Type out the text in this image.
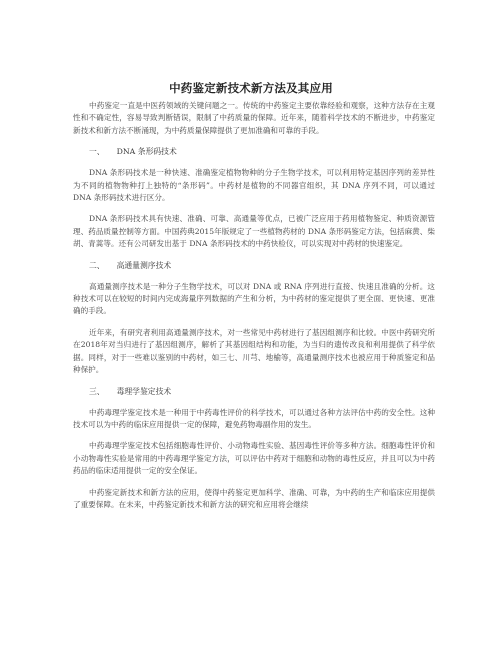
中药鉴定新技术新方法及其应用

中药鉴定一直是中医药领域的关键问题之一。传统的中药鉴定主要依靠经验和观察，这种方法存在主观性和不确定性，容易导致判断错误，限制了中药质量的保障。近年来，随着科学技术的不断进步，中药鉴定新技术和新方法不断涌现，为中药质量保障提供了更加准确和可靠的手段。

一、 DNA 条形码技术

DNA 条形码技术是一种快速、准确鉴定植物物种的分子生物学技术，可以利用特定基因序列的差异性为不同的植物物种打上独特的“条形码”。中药材是植物的不同器官组织，其 DNA 序列不同，可以通过 DNA 条形码技术进行区分。

DNA 条形码技术具有快速、准确、可靠、高通量等优点，已被广泛应用于药用植物鉴定、种质资源管理、药品质量控制等方面。中国药典2015年版规定了一些植物药材的 DNA 条形码鉴定方法，包括麻黄、柴胡、青蒿等。还有公司研发出基于 DNA 条形码技术的中药快检仪，可以实现对中药材的快速鉴定。

二、 高通量测序技术

高通量测序技术是一种分子生物学技术，可以对 DNA 或 RNA 序列进行直接、快速且准确的分析。这种技术可以在较短的时间内完成海量序列数据的产生和分析，为中药材的鉴定提供了更全面、更快速、更准确的手段。

近年来，有研究者利用高通量测序技术，对一些常见中药材进行了基因组测序和比较。中医中药研究所在2018年对当归进行了基因组测序，解析了其基因组结构和功能，为当归的遗传改良和利用提供了科学依据。同样，对于一些难以鉴别的中药材，如三七、川芎、地榆等，高通量测序技术也被应用于种质鉴定和品种保护。

三、 毒理学鉴定技术

中药毒理学鉴定技术是一种用于中药毒性评价的科学技术，可以通过各种方法评估中药的安全性。这种技术可以为中药的临床应用提供一定的保障，避免药物毒副作用的发生。

中药毒理学鉴定技术包括细胞毒性评价、小动物毒性实验、基因毒性评价等多种方法。细胞毒性评价和小动物毒性实验是常用的中药毒理学鉴定方法，可以评估中药对于细胞和动物的毒性反应，并且可以为中药药品的临床适用提供一定的安全保证。

中药鉴定新技术和新方法的应用，使得中药鉴定更加科学、准确、可靠，为中药的生产和临床应用提供了重要保障。在未来，中药鉴定新技术和新方法的研究和应用将会继续
